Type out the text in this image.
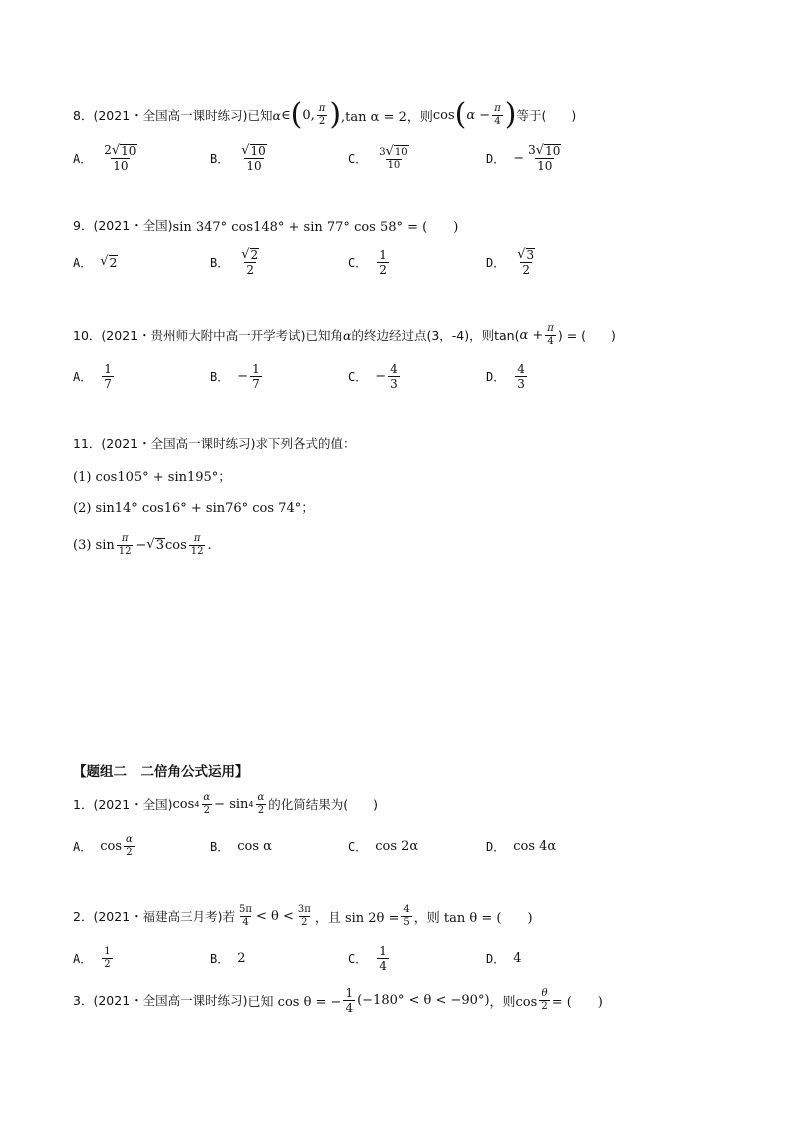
8． (2021・全国高一课时练习) 已知 α ∈ ( 0, $\frac{\pi}{2}$ ) ,tan α = 2，则 cos ( $\alpha - \frac{\pi}{4}$ ) 等于(　　)
A． $\frac{2 √ 10}{10}$	B． $\frac{√ 10}{10}$	C． $\frac{3 √ 10}{10}$	D． − $\frac{3 √ 10}{10}$
9． (2021・全国) sin 347° cos148° + sin 77° cos 58° = (　　)
A． √ 2	B． $\frac{√ 2}{2}$	C． $\frac{1}{2}$	D． $\frac{√ 3}{2}$
10． (2021・贵州师大附中高一开学考试) 已知角 α 的终边经过点(3，-4)，则tan( $\alpha + \frac{\pi}{4}$ ) = (　　)
A． $\frac{1}{7}$	B． − $\frac{1}{7}$	C． − $\frac{4}{3}$	D． $\frac{4}{3}$
11． (2021・全国高一课时练习) 求下列各式的值：
(1) cos105° + sin195°；
(2) sin14° cos16° + sin76° cos 74°；
(3) $\sin \frac{\pi}{12}$ − √ 3 $\cos \frac{\pi}{12}$ .
【题组二　二倍角公式运用】
1． (2021・全国) $\cos 4 \frac{\alpha}{2} - \sin 4 \frac{\alpha}{2}$ 的化简结果为(　　)
A． $\cos \frac{\alpha}{2}$	B． cos α	C． cos 2α	D． cos 4α
2． (2021・福建高三月考) 若 $\frac{5\pi}{4} < \theta < \frac{3\pi}{2}$ ，且 $\sin 2\theta = \frac{4}{5}$ ，则 tan θ = (　　)
A． $\frac{1}{2}$	B． 2	C． $\frac{1}{4}$	D． 4
3． (2021・全国高一课时练习) 已知 cos θ = − $\frac{1}{4} (-180^\circ < \theta < -90^\circ)$ ，则$\cos \frac{\theta}{2}$ = (　　)
